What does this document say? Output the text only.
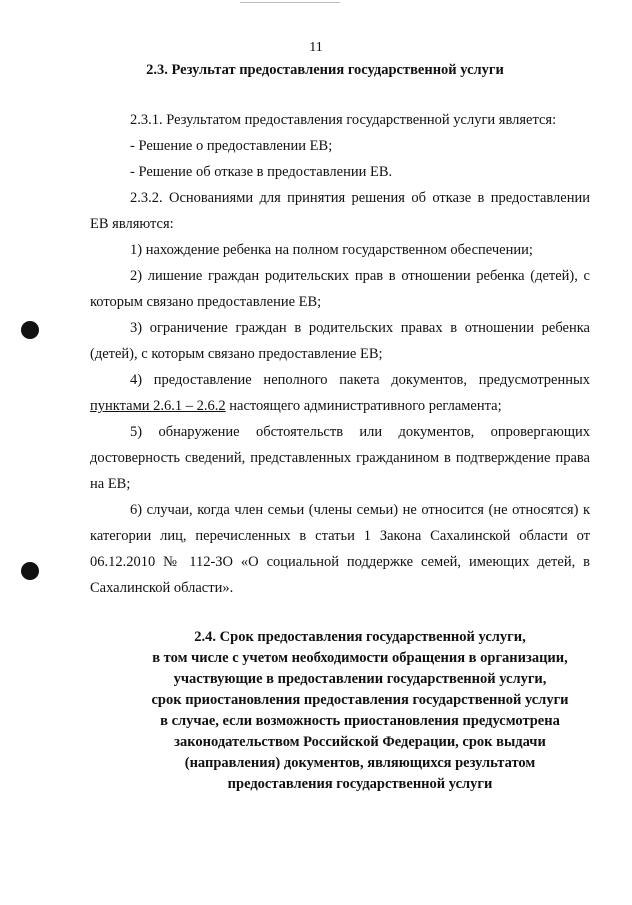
11
2.3. Результат предоставления государственной услуги

2.3.1. Результатом предоставления государственной услуги является:

- Решение о предоставлении ЕВ;

- Решение об отказе в предоставлении ЕВ.

2.3.2. Основаниями для принятия решения об отказе в предоставлении ЕВ являются:

1) нахождение ребенка на полном государственном обеспечении;

2) лишение граждан родительских прав в отношении ребенка (детей), с которым связано предоставление ЕВ;

3) ограничение граждан в родительских правах в отношении ребенка (детей), с которым связано предоставление ЕВ;

4) предоставление неполного пакета документов, предусмотренных пунктами 2.6.1 – 2.6.2 настоящего административного регламента;

5) обнаружение обстоятельств или документов, опровергающих достоверность сведений, представленных гражданином в подтверждение права на ЕВ;

6) случаи, когда член семьи (члены семьи) не относится (не относятся) к категории лиц, перечисленных в статьи 1 Закона Сахалинской области от 06.12.2010 № 112-ЗО «О социальной поддержке семей, имеющих детей, в Сахалинской области».

2.4. Срок предоставления государственной услуги,
в том числе с учетом необходимости обращения в организации,
участвующие в предоставлении государственной услуги,
срок приостановления предоставления государственной услуги
в случае, если возможность приостановления предусмотрена
законодательством Российской Федерации, срок выдачи
(направления) документов, являющихся результатом
предоставления государственной услуги
